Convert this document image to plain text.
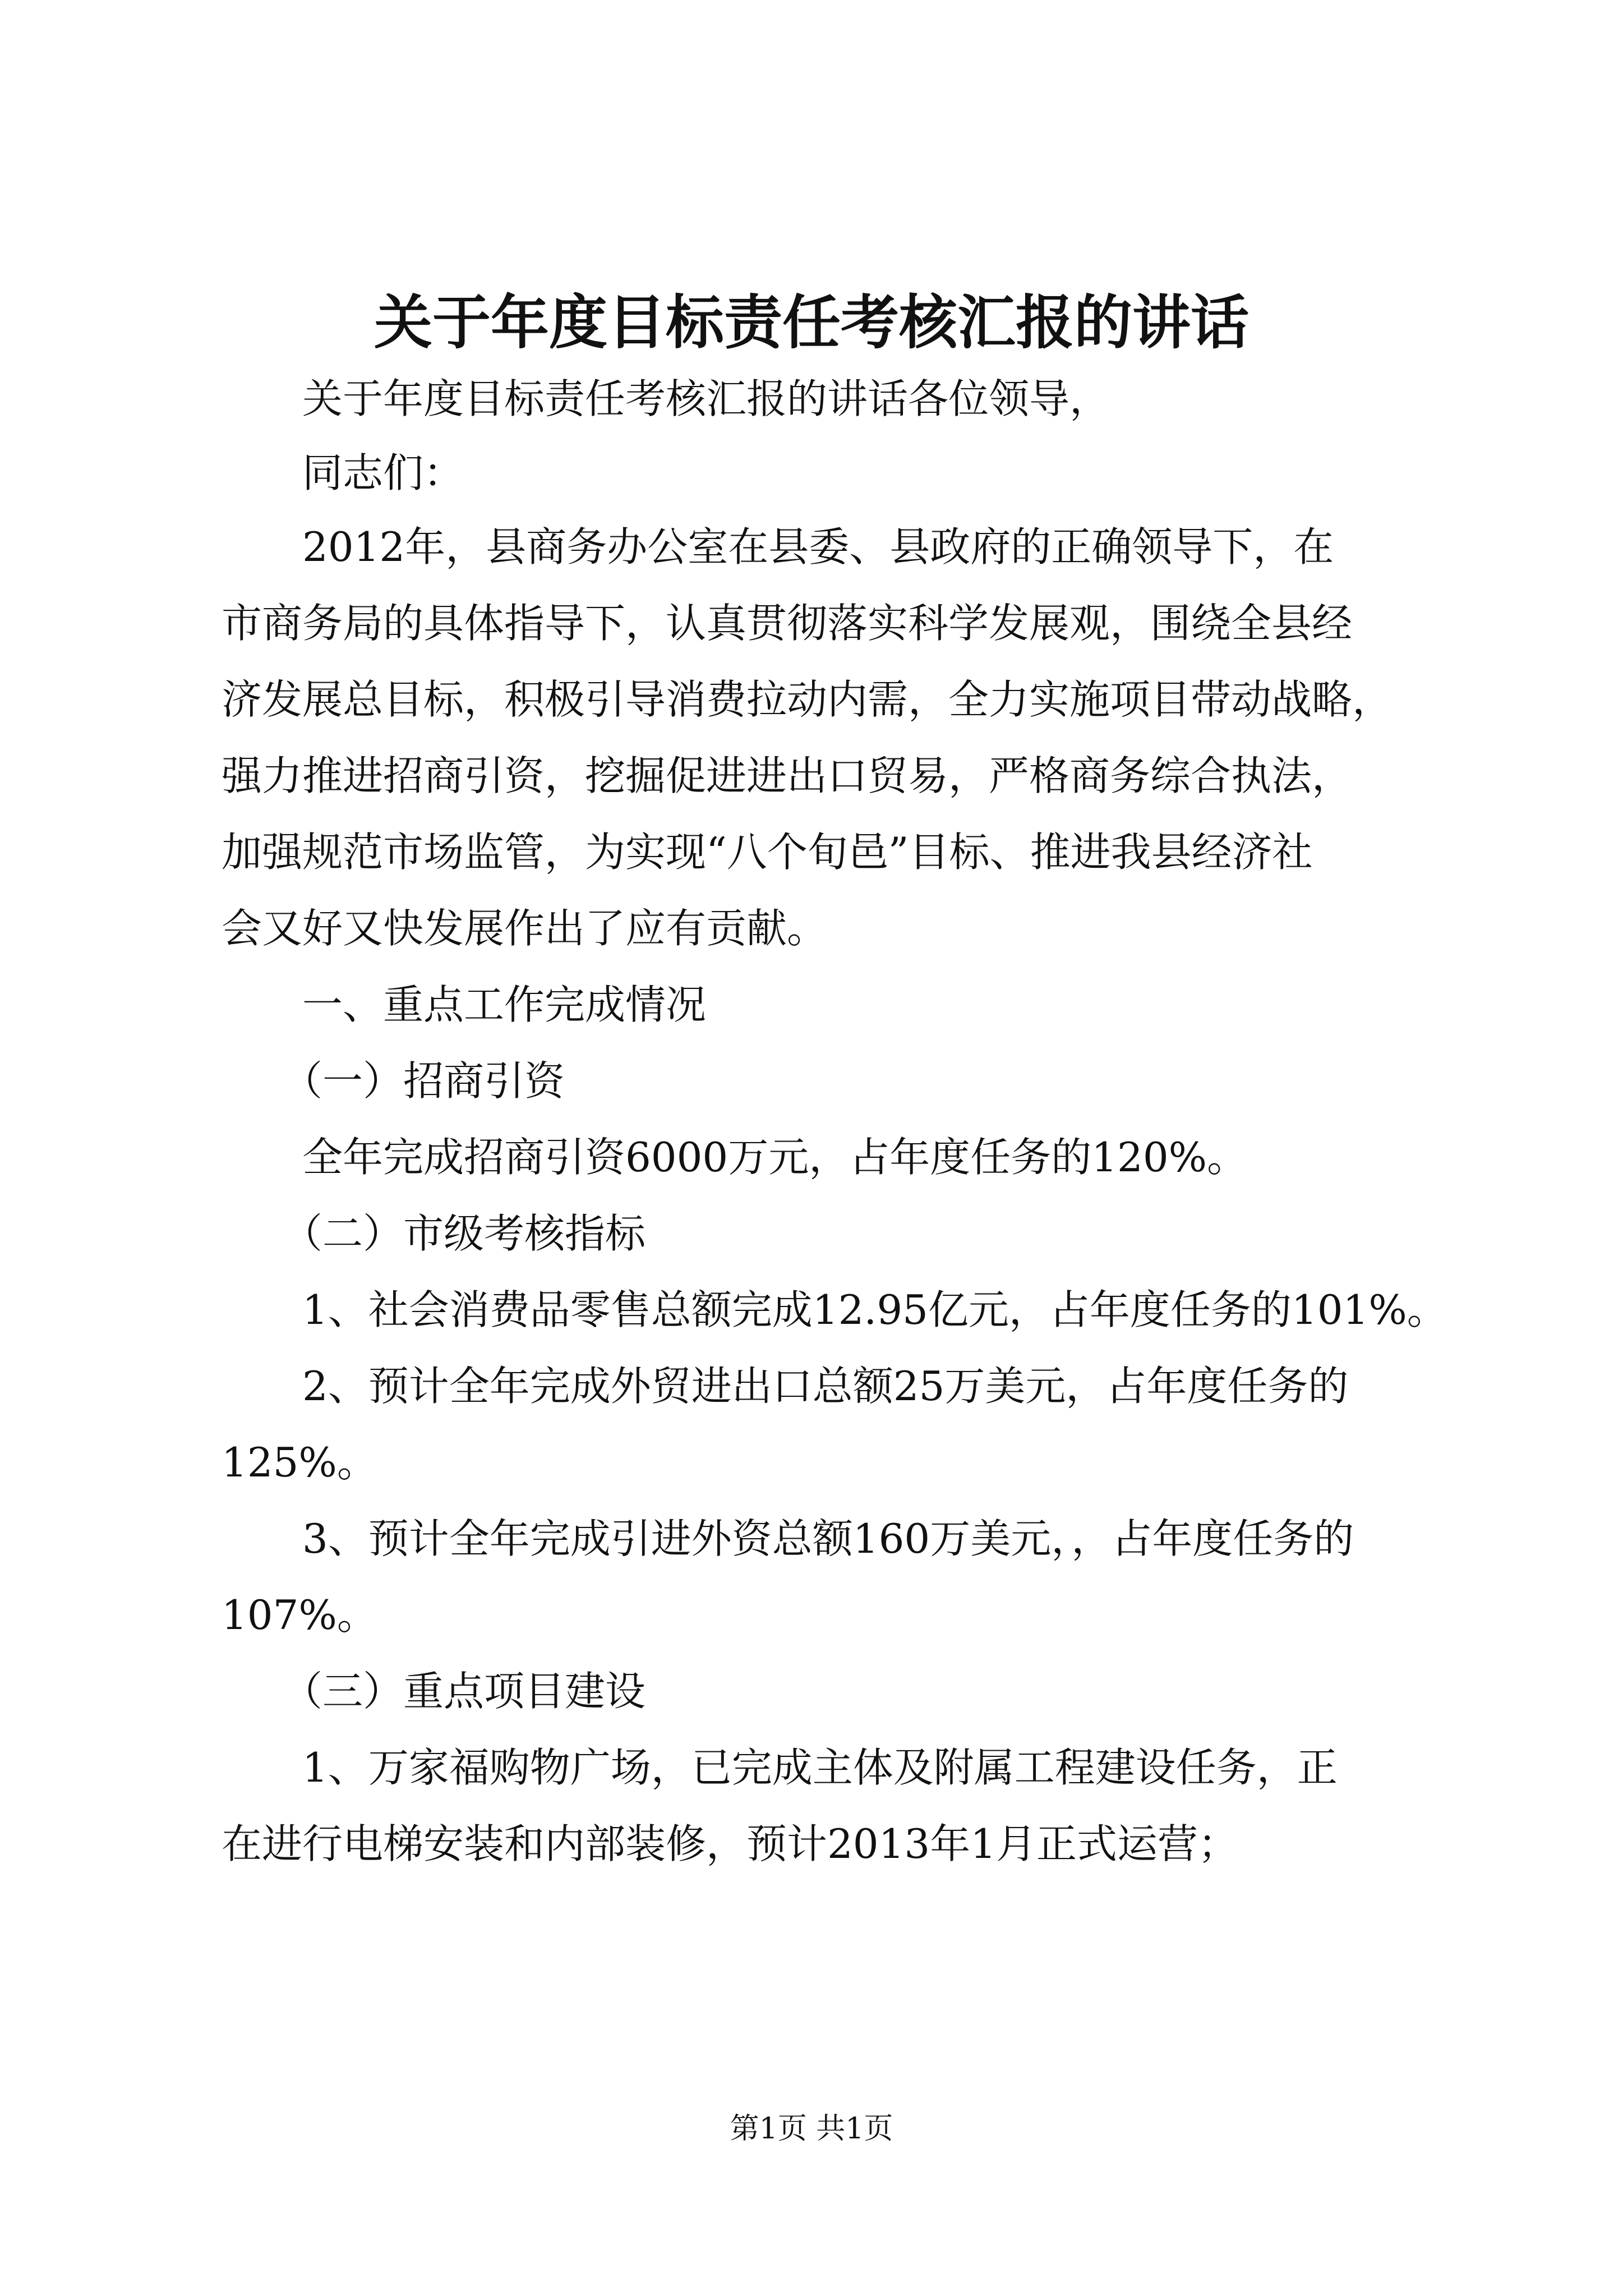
关于年度目标责任考核汇报的讲话

　　关于年度目标责任考核汇报的讲话各位领导，

　　同志们：

　　2012年，县商务办公室在县委、县政府的正确领导下，在

市商务局的具体指导下，认真贯彻落实科学发展观，围绕全县经

济发展总目标，积极引导消费拉动内需，全力实施项目带动战略，

强力推进招商引资，挖掘促进进出口贸易，严格商务综合执法，

加强规范市场监管，为实现“八个旬邑”目标、推进我县经济社

会又好又快发展作出了应有贡献。

　　一、重点工作完成情况

　　（一）招商引资

　　全年完成招商引资6000万元，占年度任务的120%。

　　（二）市级考核指标

　　1、社会消费品零售总额完成12.95亿元，占年度任务的101%。

　　2、预计全年完成外贸进出口总额25万美元，占年度任务的

125%。

　　3、预计全年完成引进外资总额160万美元，，占年度任务的

107%。

　　（三）重点项目建设

　　1、万家福购物广场，已完成主体及附属工程建设任务，正

在进行电梯安装和内部装修，预计2013年1月正式运营；

第1页 共1页
